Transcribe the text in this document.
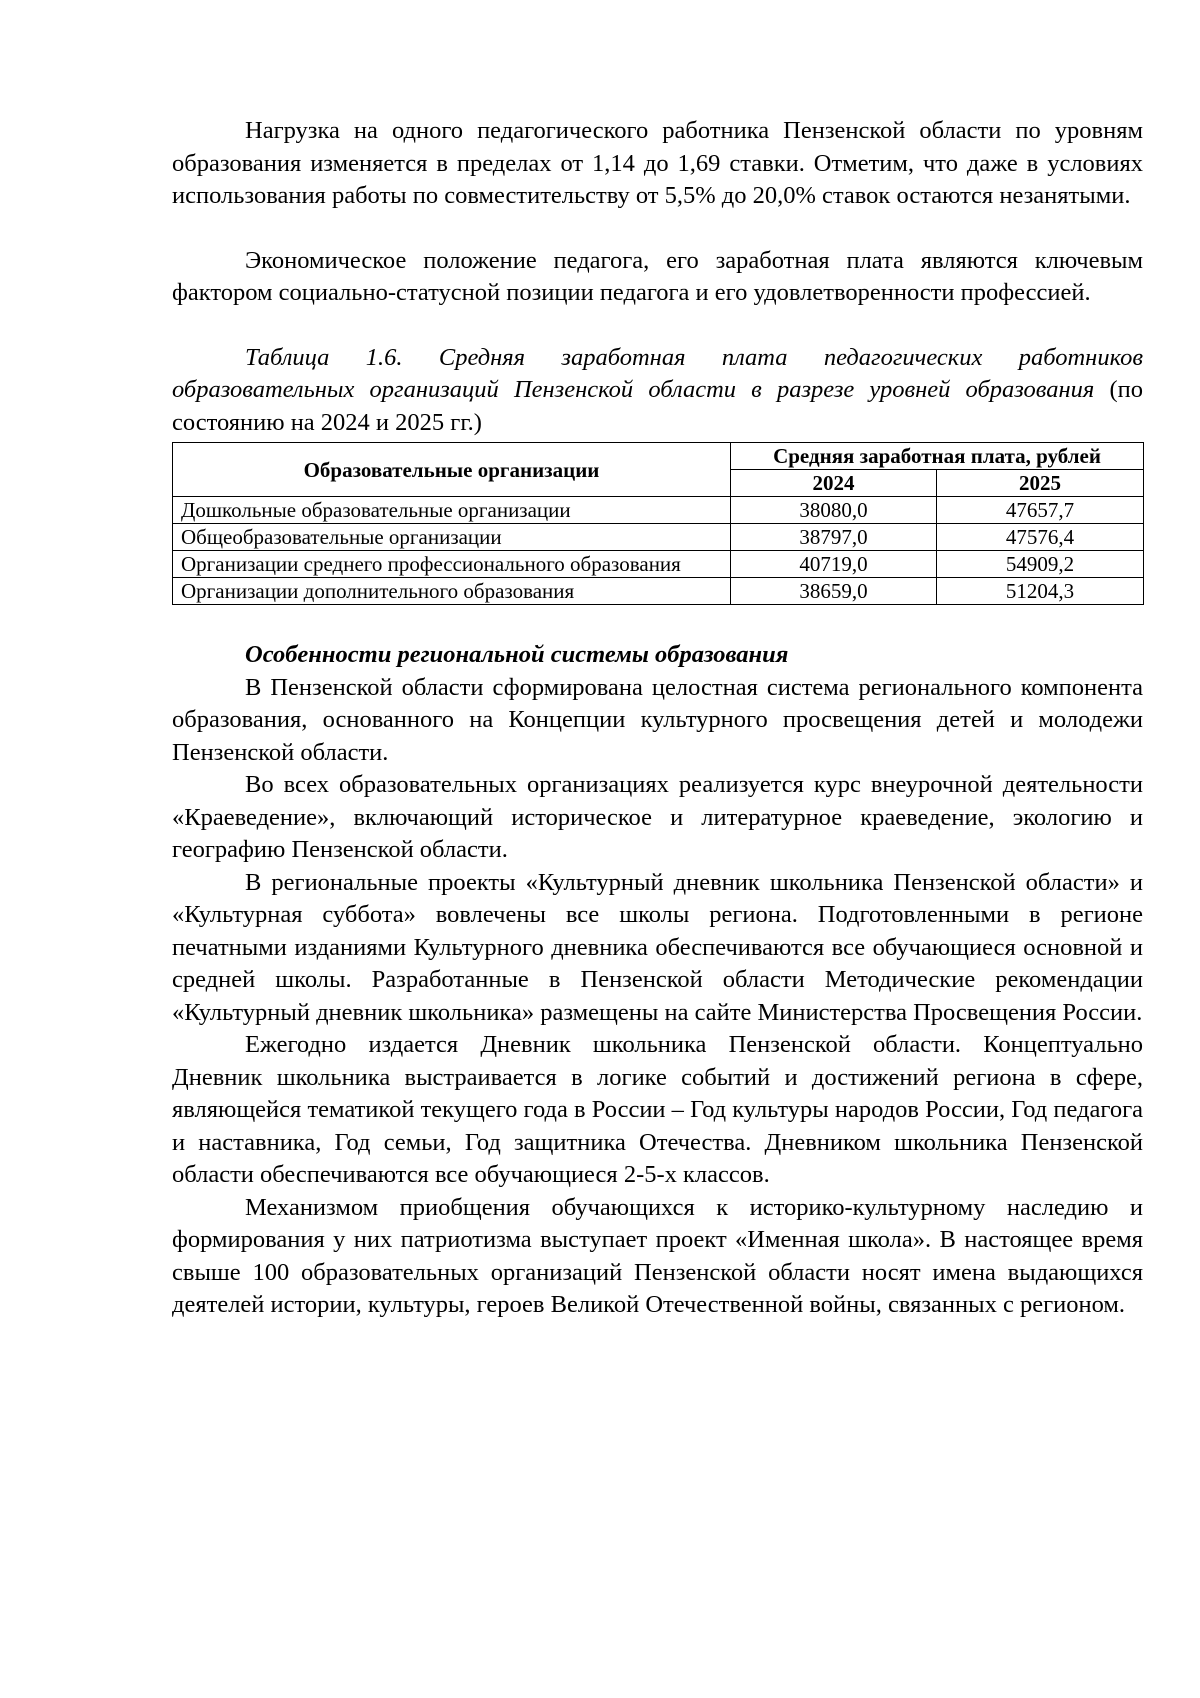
Нагрузка на одного педагогического работника Пензенской области по уровням образования изменяется в пределах от 1,14 до 1,69 ставки. Отметим, что даже в условиях использования работы по совместительству от 5,5% до 20,0% ставок остаются незанятыми.

Экономическое положение педагога, его заработная плата являются ключевым фактором социально-статусной позиции педагога и его удовлетворенности профессией.

Таблица 1.6. Средняя заработная плата педагогических работников образовательных организаций Пензенской области в разрезе уровней образования (по состоянию на 2024 и 2025 гг.)
Образовательные организации	Средняя заработная плата, рублей	
	2024	2025
Дошкольные образовательные организации	38080,0	47657,7
Общеобразовательные организации	38797,0	47576,4
Организации среднего профессионального образования	40719,0	54909,2
Организации дополнительного образования	38659,0	51204,3

Особенности региональной системы образования

В Пензенской области сформирована целостная система регионального компонента образования, основанного на Концепции культурного просвещения детей и молодежи Пензенской области.

Во всех образовательных организациях реализуется курс внеурочной деятельности «Краеведение», включающий историческое и литературное краеведение, экологию и географию Пензенской области.

В региональные проекты «Культурный дневник школьника Пензенской области» и «Культурная суббота» вовлечены все школы региона. Подготовленными в регионе печатными изданиями Культурного дневника обеспечиваются все обучающиеся основной и средней школы. Разработанные в Пензенской области Методические рекомендации «Культурный дневник школьника» размещены на сайте Министерства Просвещения России.

Ежегодно издается Дневник школьника Пензенской области. Концептуально Дневник школьника выстраивается в логике событий и достижений региона в сфере, являющейся тематикой текущего года в России – Год культуры народов России, Год педагога и наставника, Год семьи, Год защитника Отечества. Дневником школьника Пензенской области обеспечиваются все обучающиеся 2-5-х классов.

Механизмом приобщения обучающихся к историко-культурному наследию и формирования у них патриотизма выступает проект «Именная школа». В настоящее время свыше 100 образовательных организаций Пензенской области носят имена выдающихся деятелей истории, культуры, героев Великой Отечественной войны, связанных с регионом.
